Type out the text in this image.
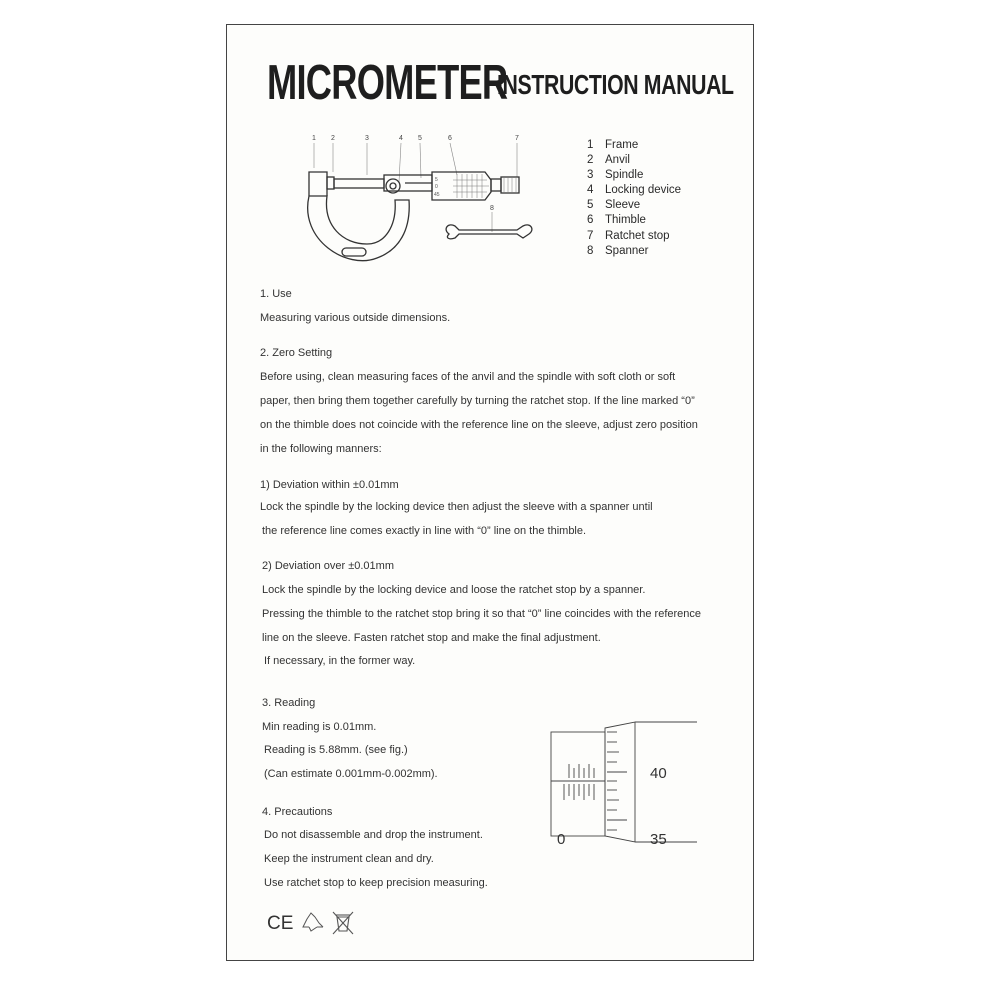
MICROMETER
INSTRUCTION MANUAL
1 2	3	4 5	6	7
8
5
0
45
1	Frame
2	Anvil
3	Spindle
4	Locking device
5	Sleeve
6	Thimble
7	Ratchet stop
8	Spanner
1. Use
Measuring various outside dimensions.
2. Zero Setting
Before using, clean measuring faces of the anvil and the spindle with soft cloth or soft
paper, then bring them together carefully by turning the ratchet stop. If the line marked “0”
on the thimble does not coincide with the reference line on the sleeve, adjust zero position
in the following manners:
1) Deviation within ±0.01mm
Lock the spindle by the locking device then adjust the sleeve with a spanner until
the reference line comes exactly in line with “0” line on the thimble.
2) Deviation over ±0.01mm
Lock the spindle by the locking device and loose the ratchet stop by a spanner.
Pressing the thimble to the ratchet stop bring it so that “0” line coincides with the reference
line on the sleeve. Fasten ratchet stop and make the final adjustment.
If necessary, in the former way.
3. Reading
Min reading is 0.01mm.
Reading is 5.88mm. (see fig.)
(Can estimate 0.001mm-0.002mm).
4. Precautions
Do not disassemble and drop the instrument.
Keep the instrument clean and dry.
Use ratchet stop to keep precision measuring.
40
35
0
CE
